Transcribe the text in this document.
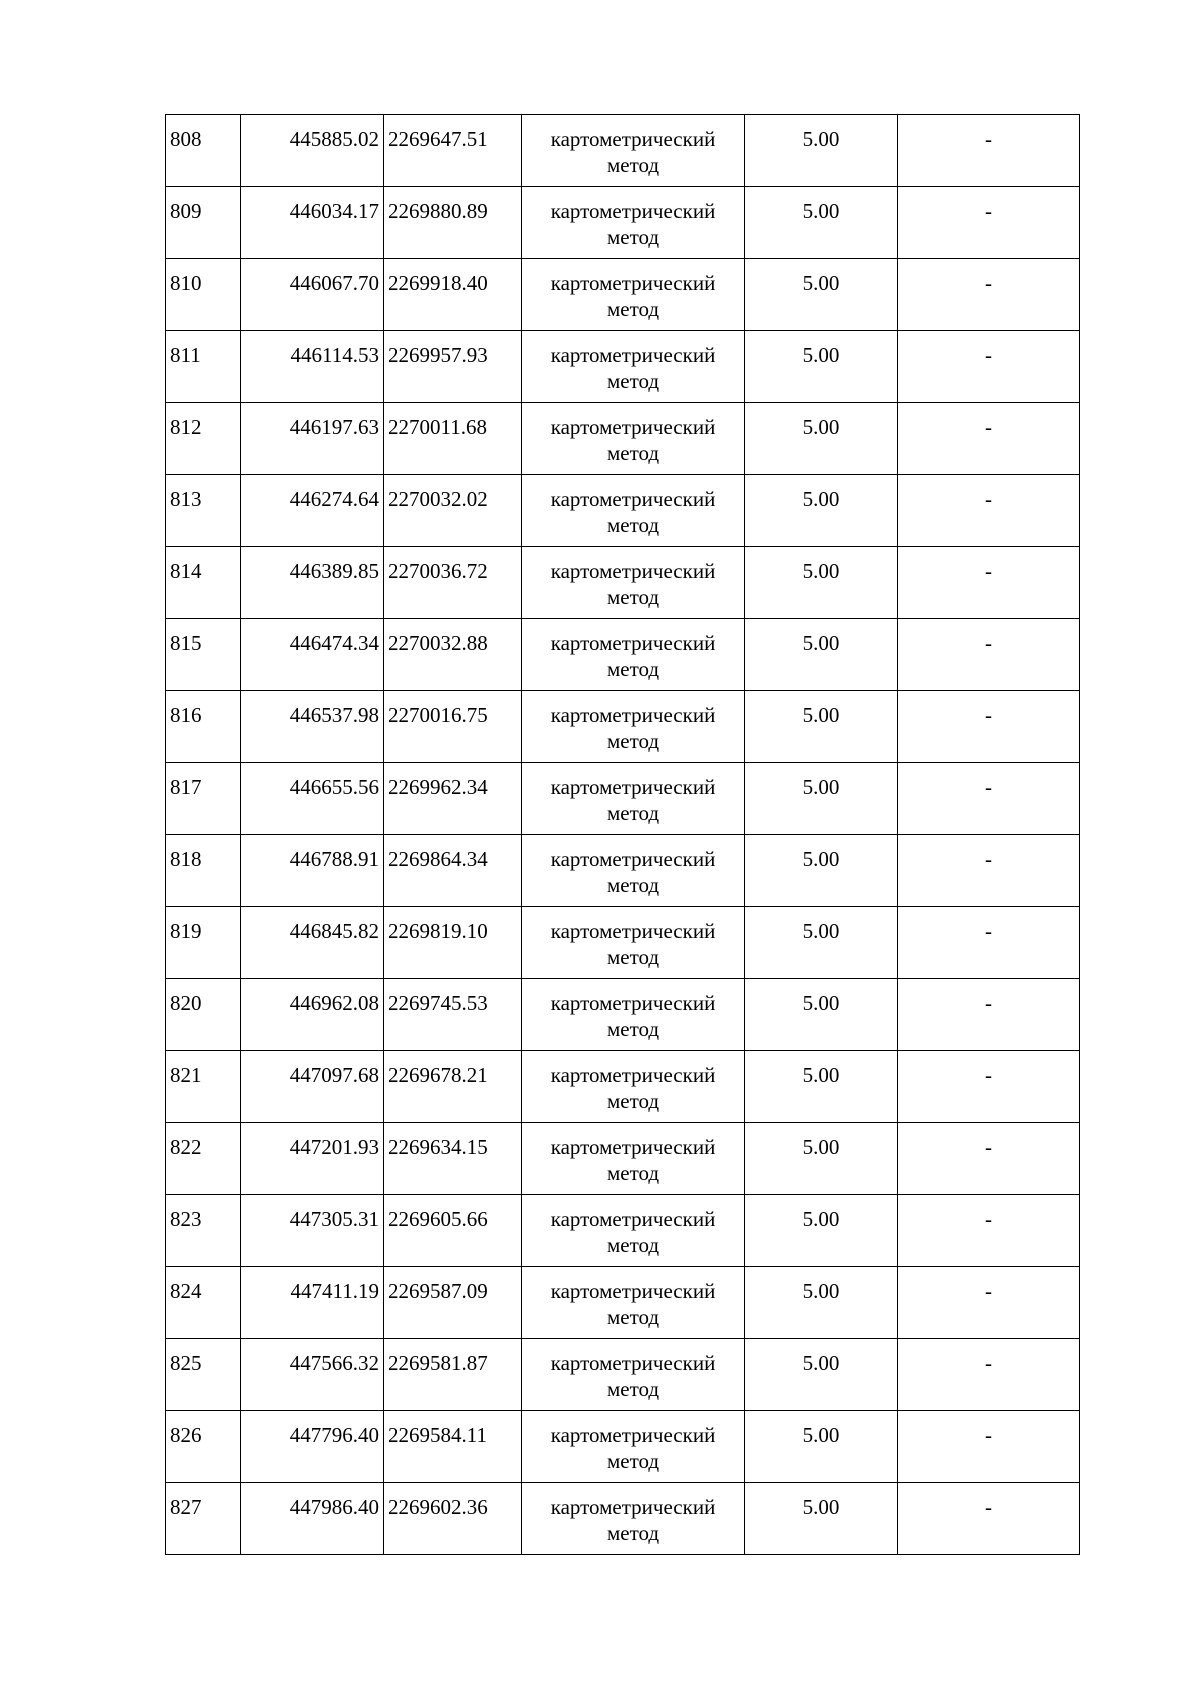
808	445885.02	2269647.51	картометрический метод	5.00	-
809	446034.17	2269880.89	картометрический метод	5.00	-
810	446067.70	2269918.40	картометрический метод	5.00	-
811	446114.53	2269957.93	картометрический метод	5.00	-
812	446197.63	2270011.68	картометрический метод	5.00	-
813	446274.64	2270032.02	картометрический метод	5.00	-
814	446389.85	2270036.72	картометрический метод	5.00	-
815	446474.34	2270032.88	картометрический метод	5.00	-
816	446537.98	2270016.75	картометрический метод	5.00	-
817	446655.56	2269962.34	картометрический метод	5.00	-
818	446788.91	2269864.34	картометрический метод	5.00	-
819	446845.82	2269819.10	картометрический метод	5.00	-
820	446962.08	2269745.53	картометрический метод	5.00	-
821	447097.68	2269678.21	картометрический метод	5.00	-
822	447201.93	2269634.15	картометрический метод	5.00	-
823	447305.31	2269605.66	картометрический метод	5.00	-
824	447411.19	2269587.09	картометрический метод	5.00	-
825	447566.32	2269581.87	картометрический метод	5.00	-
826	447796.40	2269584.11	картометрический метод	5.00	-
827	447986.40	2269602.36	картометрический метод	5.00	-
